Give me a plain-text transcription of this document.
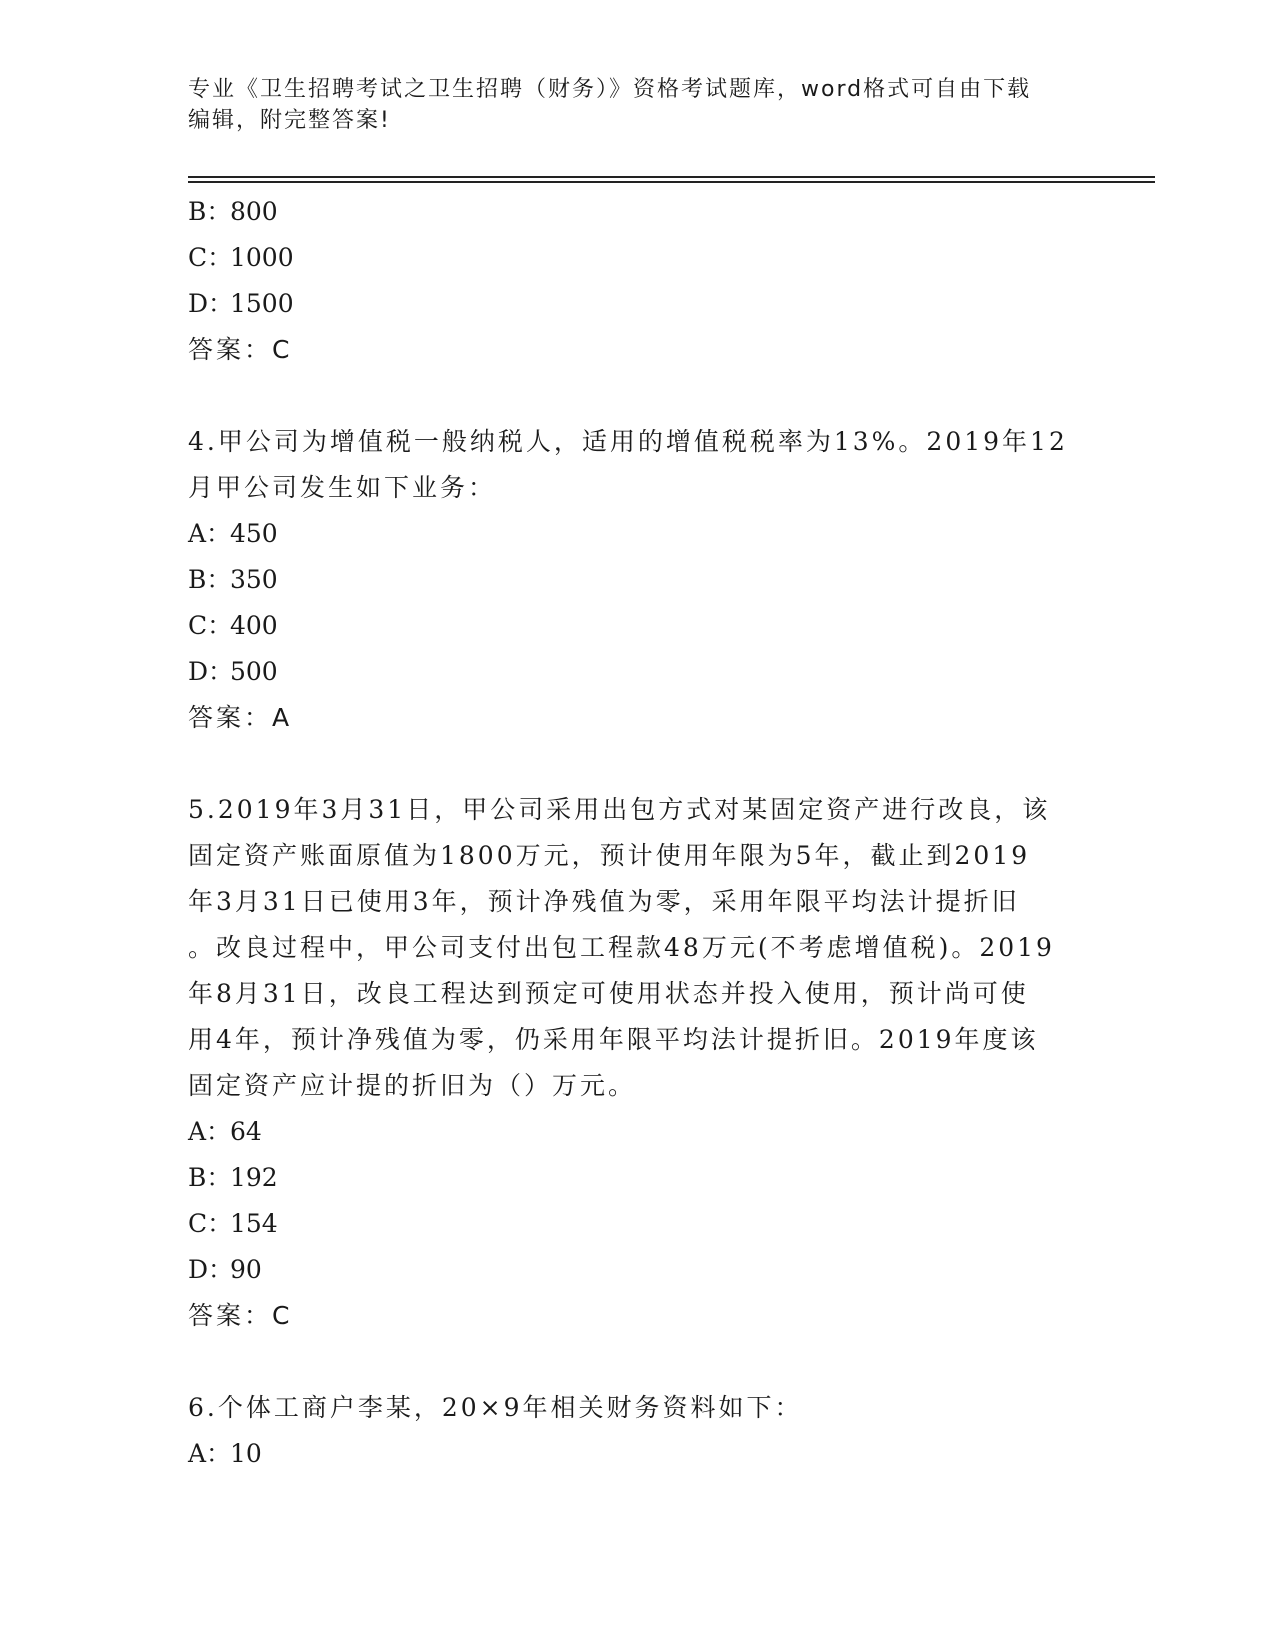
专业《卫生招聘考试之卫生招聘（财务）》资格考试题库，word格式可自由下载
编辑，附完整答案!
B：800
C：1000
D：1500
答案：C
4.甲公司为增值税一般纳税人，适用的增值税税率为13%。2019年12
月甲公司发生如下业务：
A：450
B：350
C：400
D：500
答案：A
5.2019年3月31日，甲公司采用出包方式对某固定资产进行改良，该
固定资产账面原值为1800万元，预计使用年限为5年，截止到2019
年3月31日已使用3年，预计净残值为零，采用年限平均法计提折旧
。改良过程中，甲公司支付出包工程款48万元(不考虑增值税)。2019
年8月31日，改良工程达到预定可使用状态并投入使用，预计尚可使
用4年，预计净残值为零，仍采用年限平均法计提折旧。2019年度该
固定资产应计提的折旧为（）万元。
A：64
B：192
C：154
D：90
答案：C
6.个体工商户李某，20×9年相关财务资料如下：
A：10
